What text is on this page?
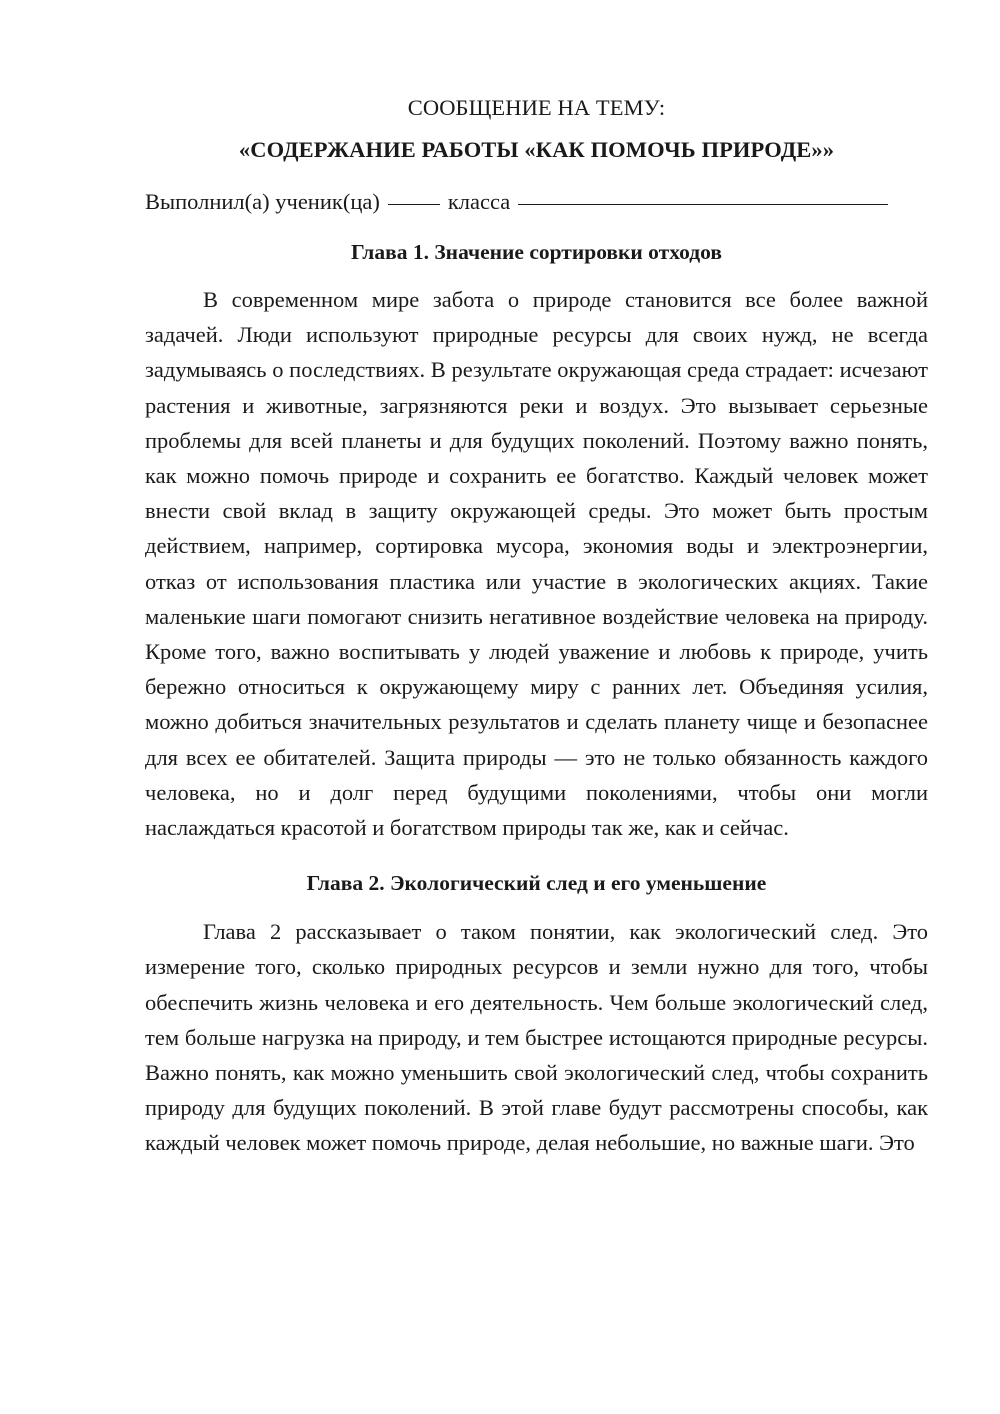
СООБЩЕНИЕ НА ТЕМУ:

«СОДЕРЖАНИЕ РАБОТЫ «КАК ПОМОЧЬ ПРИРОДЕ»»

Выполнил(а) ученик(ца)	класса
Глава 1. Значение сортировки отходов

В современном мире забота о природе становится все более важной задачей. Люди используют природные ресурсы для своих нужд, не всегда задумываясь о последствиях. В результате окружающая среда страдает: исчезают растения и животные, загрязняются реки и воздух. Это вызывает серьезные проблемы для всей планеты и для будущих поколений. Поэтому важно понять, как можно помочь природе и сохранить ее богатство. Каждый человек может внести свой вклад в защиту окружающей среды. Это может быть простым действием, например, сортировка мусора, экономия воды и электроэнергии, отказ от использования пластика или участие в экологических акциях. Такие маленькие шаги помогают снизить негативное воздействие человека на природу. Кроме того, важно воспитывать у людей уважение и любовь к природе, учить бережно относиться к окружающему миру с ранних лет. Объединяя усилия, можно добиться значительных результатов и сделать планету чище и безопаснее для всех ее обитателей. Защита природы — это не только обязанность каждого человека, но и долг перед будущими поколениями, чтобы они могли наслаждаться красотой и богатством природы так же, как и сейчас.

Глава 2. Экологический след и его уменьшение

Глава 2 рассказывает о таком понятии, как экологический след. Это измерение того, сколько природных ресурсов и земли нужно для того, чтобы обеспечить жизнь человека и его деятельность. Чем больше экологический след, тем больше нагрузка на природу, и тем быстрее истощаются природные ресурсы. Важно понять, как можно уменьшить свой экологический след, чтобы сохранить природу для будущих поколений. В этой главе будут рассмотрены способы, как каждый человек может помочь природе, делая небольшие, но важные шаги. Это
